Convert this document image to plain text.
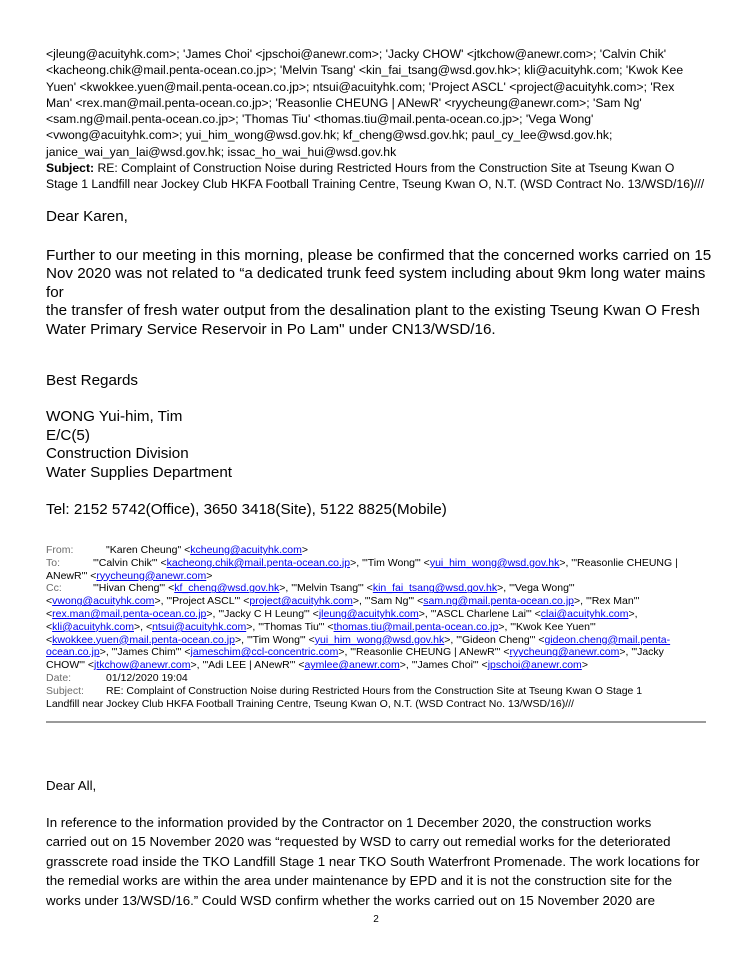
<jleung@acuityhk.com>; 'James Choi' <jpschoi@anewr.com>; 'Jacky CHOW' <jtkchow@anewr.com>; 'Calvin Chik'

<kacheong.chik@mail.penta-ocean.co.jp>; 'Melvin Tsang' <kin_fai_tsang@wsd.gov.hk>; kli@acuityhk.com; 'Kwok Kee

Yuen' <kwokkee.yuen@mail.penta-ocean.co.jp>; ntsui@acuityhk.com; 'Project ASCL' <project@acuityhk.com>; 'Rex

Man' <rex.man@mail.penta-ocean.co.jp>; 'Reasonlie CHEUNG | ANewR' <ryycheung@anewr.com>; 'Sam Ng'

<sam.ng@mail.penta-ocean.co.jp>; 'Thomas Tiu' <thomas.tiu@mail.penta-ocean.co.jp>; 'Vega Wong'

<vwong@acuityhk.com>; yui_him_wong@wsd.gov.hk; kf_cheng@wsd.gov.hk; paul_cy_lee@wsd.gov.hk;

janice_wai_yan_lai@wsd.gov.hk; issac_ho_wai_hui@wsd.gov.hk

Subject: RE: Complaint of Construction Noise during Restricted Hours from the Construction Site at Tseung Kwan O

Stage 1 Landfill near Jockey Club HKFA Football Training Centre, Tseung Kwan O, N.T. (WSD Contract No. 13/WSD/16)///

Dear Karen,

Further to our meeting in this morning, please be confirmed that the concerned works carried on 15

Nov 2020 was not related to “a dedicated trunk feed system including about 9km long water mains for

the transfer of fresh water output from the desalination plant to the existing Tseung Kwan O Fresh

Water Primary Service Reservoir in Po Lam" under CN13/WSD/16.

Best Regards

WONG Yui-him, Tim

E/C(5)

Construction Division

Water Supplies Department

Tel: 2152 5742(Office), 3650 3418(Site), 5122 8825(Mobile)

From:	"Karen Cheung" <kcheung@acuityhk.com>
To:	'"Calvin Chik"' <kacheong.chik@mail.penta-ocean.co.jp>, '"Tim Wong"' <yui_him_wong@wsd.gov.hk>, '"Reasonlie CHEUNG |
ANewR"' <ryycheung@anewr.com>
Cc:	'"Hivan Cheng"' <kf_cheng@wsd.gov.hk>, '"Melvin Tsang"' <kin_fai_tsang@wsd.gov.hk>, '"Vega Wong"'
<vwong@acuityhk.com>, '"Project ASCL"' <project@acuityhk.com>, '"Sam Ng"' <sam.ng@mail.penta-ocean.co.jp>, '"Rex Man"'
<rex.man@mail.penta-ocean.co.jp>, '"Jacky C H Leung"' <jleung@acuityhk.com>, '"ASCL Charlene Lai"' <clai@acuityhk.com>,
<kli@acuityhk.com>, <ntsui@acuityhk.com>, '"Thomas Tiu"' <thomas.tiu@mail.penta-ocean.co.jp>, '"Kwok Kee Yuen"'
<kwokkee.yuen@mail.penta-ocean.co.jp>, '"Tim Wong"' <yui_him_wong@wsd.gov.hk>, '"Gideon Cheng"' <gideon.cheng@mail.penta-
ocean.co.jp>, '"James Chim"' <jameschim@ccl-concentric.com>, '"Reasonlie CHEUNG | ANewR"' <ryycheung@anewr.com>, '"Jacky
CHOW"' <jtkchow@anewr.com>, '"Adi LEE | ANewR"' <aymlee@anewr.com>, '"James Choi"' <jpschoi@anewr.com>
Date:	01/12/2020 19:04
Subject: RE: Complaint of Construction Noise during Restricted Hours from the Construction Site at Tseung Kwan O Stage 1
Landfill near Jockey Club HKFA Football Training Centre, Tseung Kwan O, N.T. (WSD Contract No. 13/WSD/16)///

Dear All,

In reference to the information provided by the Contractor on 1 December 2020, the construction works

carried out on 15 November 2020 was “requested by WSD to carry out remedial works for the deteriorated

grasscrete road inside the TKO Landfill Stage 1 near TKO South Waterfront Promenade. The work locations for

the remedial works are within the area under maintenance by EPD and it is not the construction site for the

works under 13/WSD/16.” Could WSD confirm whether the works carried out on 15 November 2020 are

2
